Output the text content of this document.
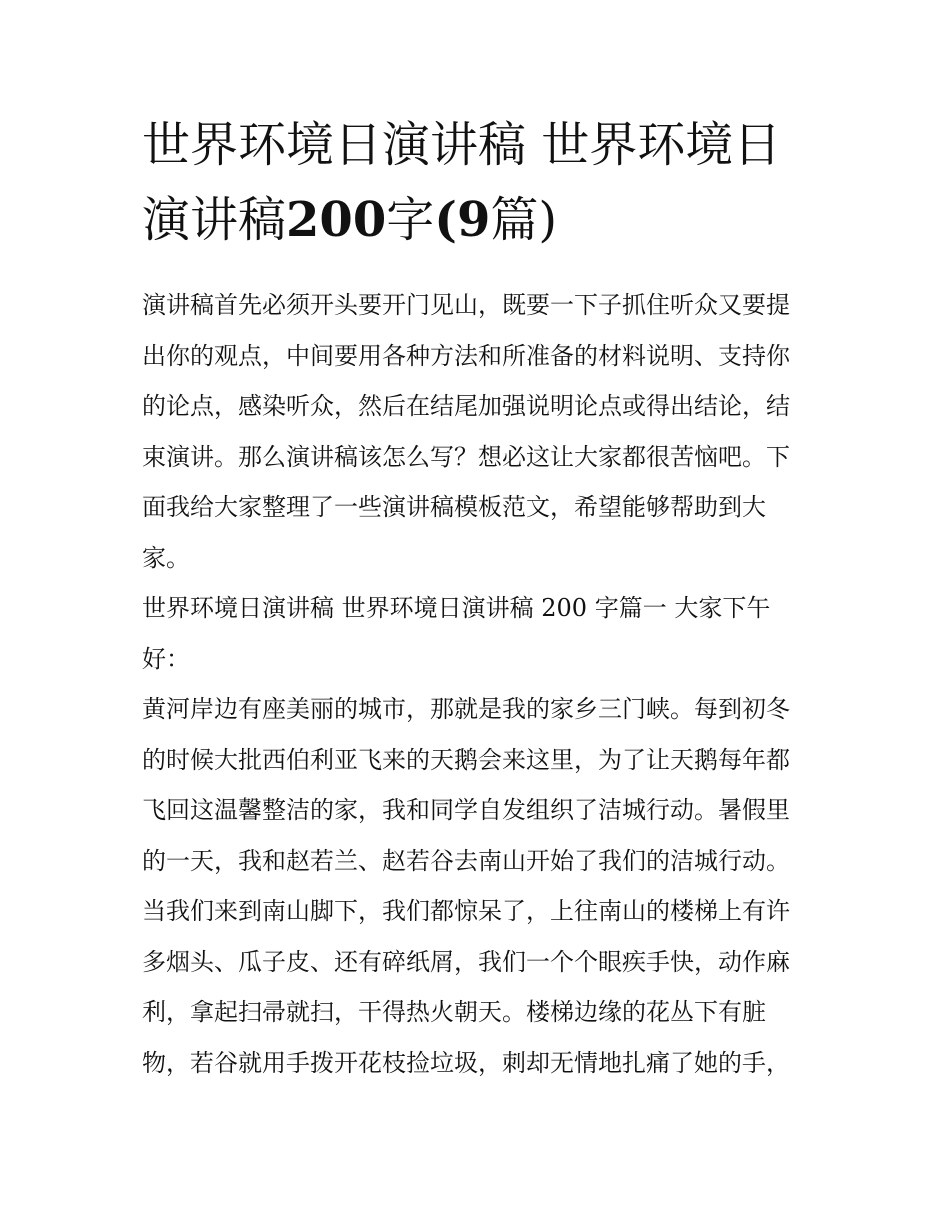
世界环境日演讲稿 世界环境日
演讲稿200字(9篇)

演讲稿首先必须开头要开门见山，既要一下子抓住听众又要提
出你的观点，中间要用各种方法和所准备的材料说明、支持你
的论点，感染听众，然后在结尾加强说明论点或得出结论，结
束演讲。那么演讲稿该怎么写？想必这让大家都很苦恼吧。下
面我给大家整理了一些演讲稿模板范文，希望能够帮助到大
家。

世界环境日演讲稿 世界环境日演讲稿 200 字篇一 大家下午
好：

黄河岸边有座美丽的城市，那就是我的家乡三门峡。每到初冬
的时候大批西伯利亚飞来的天鹅会来这里，为了让天鹅每年都
飞回这温馨整洁的家，我和同学自发组织了洁城行动。暑假里
的一天，我和赵若兰、赵若谷去南山开始了我们的洁城行动。
当我们来到南山脚下，我们都惊呆了，上往南山的楼梯上有许
多烟头、瓜子皮、还有碎纸屑，我们一个个眼疾手快，动作麻
利，拿起扫帚就扫，干得热火朝天。楼梯边缘的花丛下有脏
物，若谷就用手拨开花枝捡垃圾，刺却无情地扎痛了她的手，
